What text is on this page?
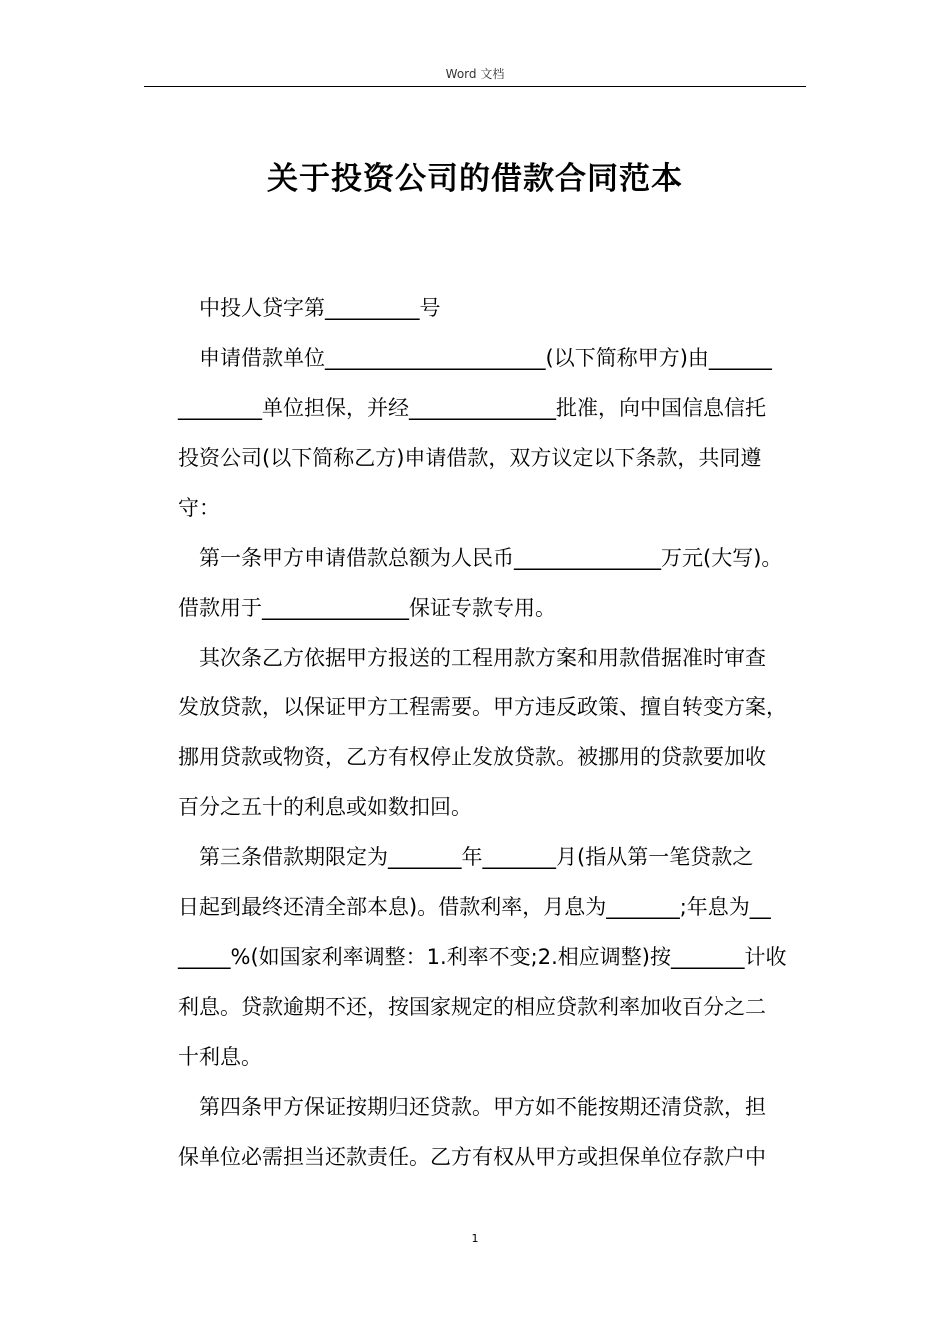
Word 文档
关于投资公司的借款合同范本
中投人贷字第_________号
申请借款单位_____________________(以下简称甲方)由______
________单位担保，并经______________批准，向中国信息信托
投资公司(以下简称乙方)申请借款，双方议定以下条款，共同遵
守：
第一条甲方申请借款总额为人民币______________万元(大写)。
借款用于______________保证专款专用。
其次条乙方依据甲方报送的工程用款方案和用款借据准时审查
发放贷款，以保证甲方工程需要。甲方违反政策、擅自转变方案，
挪用贷款或物资，乙方有权停止发放贷款。被挪用的贷款要加收
百分之五十的利息或如数扣回。
第三条借款期限定为_______年_______月(指从第一笔贷款之
日起到最终还清全部本息)。借款利率，月息为_______;年息为__
_____%(如国家利率调整：1.利率不变;2.相应调整)按_______计收
利息。贷款逾期不还，按国家规定的相应贷款利率加收百分之二
十利息。
第四条甲方保证按期归还贷款。甲方如不能按期还清贷款，担
保单位必需担当还款责任。乙方有权从甲方或担保单位存款户中
1
